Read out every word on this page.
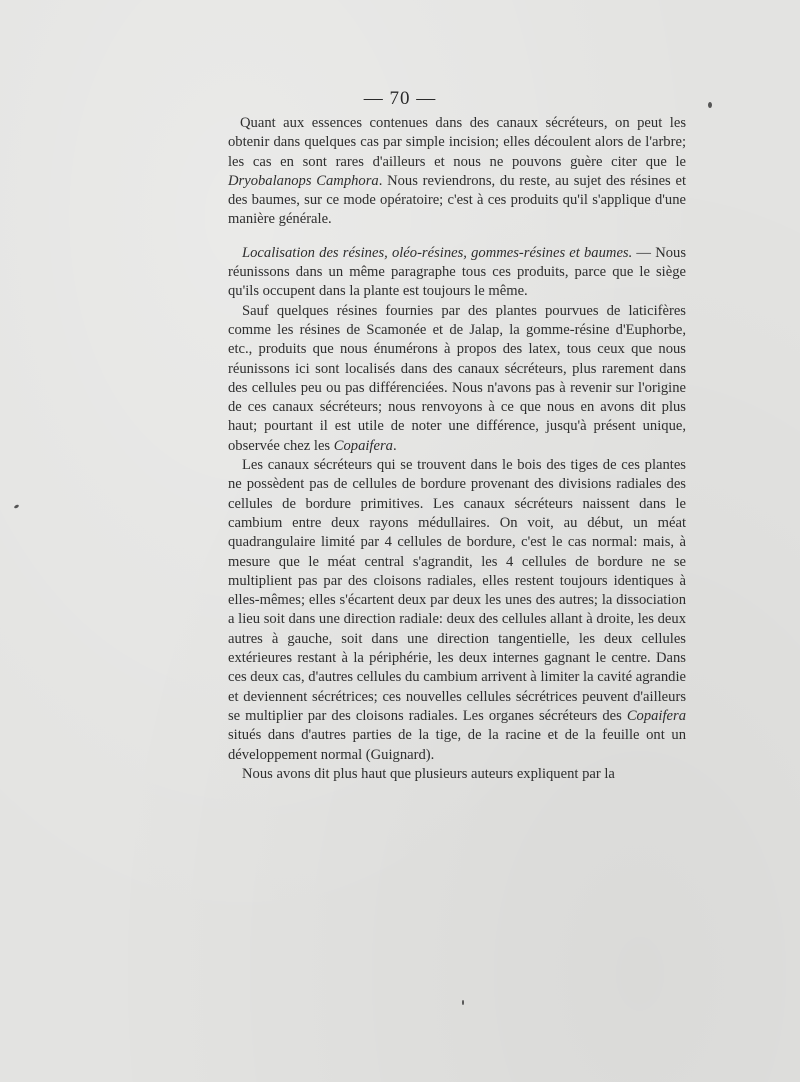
— 70 —

Quant aux essences contenues dans des canaux sécréteurs, on peut les obtenir dans quelques cas par simple incision; elles découlent alors de l'arbre; les cas en sont rares d'ailleurs et nous ne pouvons guère citer que le Dryobalanops Camphora. Nous reviendrons, du reste, au sujet des résines et des baumes, sur ce mode opératoire; c'est à ces produits qu'il s'applique d'une manière générale.

Localisation des résines, oléo-résines, gommes-résines et baumes. — Nous réunissons dans un même paragraphe tous ces produits, parce que le siège qu'ils occupent dans la plante est toujours le même.

Sauf quelques résines fournies par des plantes pourvues de laticifères comme les résines de Scamonée et de Jalap, la gomme-résine d'Euphorbe, etc., produits que nous énumérons à propos des latex, tous ceux que nous réunissons ici sont localisés dans des canaux sécréteurs, plus rarement dans des cellules peu ou pas différenciées. Nous n'avons pas à revenir sur l'origine de ces canaux sécréteurs; nous renvoyons à ce que nous en avons dit plus haut; pourtant il est utile de noter une différence, jusqu'à présent unique, observée chez les Copaifera.

Les canaux sécréteurs qui se trouvent dans le bois des tiges de ces plantes ne possèdent pas de cellules de bordure provenant des divisions radiales des cellules de bordure primitives. Les canaux sécréteurs naissent dans le cambium entre deux rayons médullaires. On voit, au début, un méat quadrangulaire limité par 4 cellules de bordure, c'est le cas normal: mais, à mesure que le méat central s'agrandit, les 4 cellules de bordure ne se multiplient pas par des cloisons radiales, elles restent toujours identiques à elles-mêmes; elles s'écartent deux par deux les unes des autres; la dissociation a lieu soit dans une direction radiale: deux des cellules allant à droite, les deux autres à gauche, soit dans une direction tangentielle, les deux cellules extérieures restant à la périphérie, les deux internes gagnant le centre. Dans ces deux cas, d'autres cellules du cambium arrivent à limiter la cavité agrandie et deviennent sécrétrices; ces nouvelles cellules sécrétrices peuvent d'ailleurs se multiplier par des cloisons radiales. Les organes sécréteurs des Copaifera situés dans d'autres parties de la tige, de la racine et de la feuille ont un développement normal (Guignard).

Nous avons dit plus haut que plusieurs auteurs expliquent par la
